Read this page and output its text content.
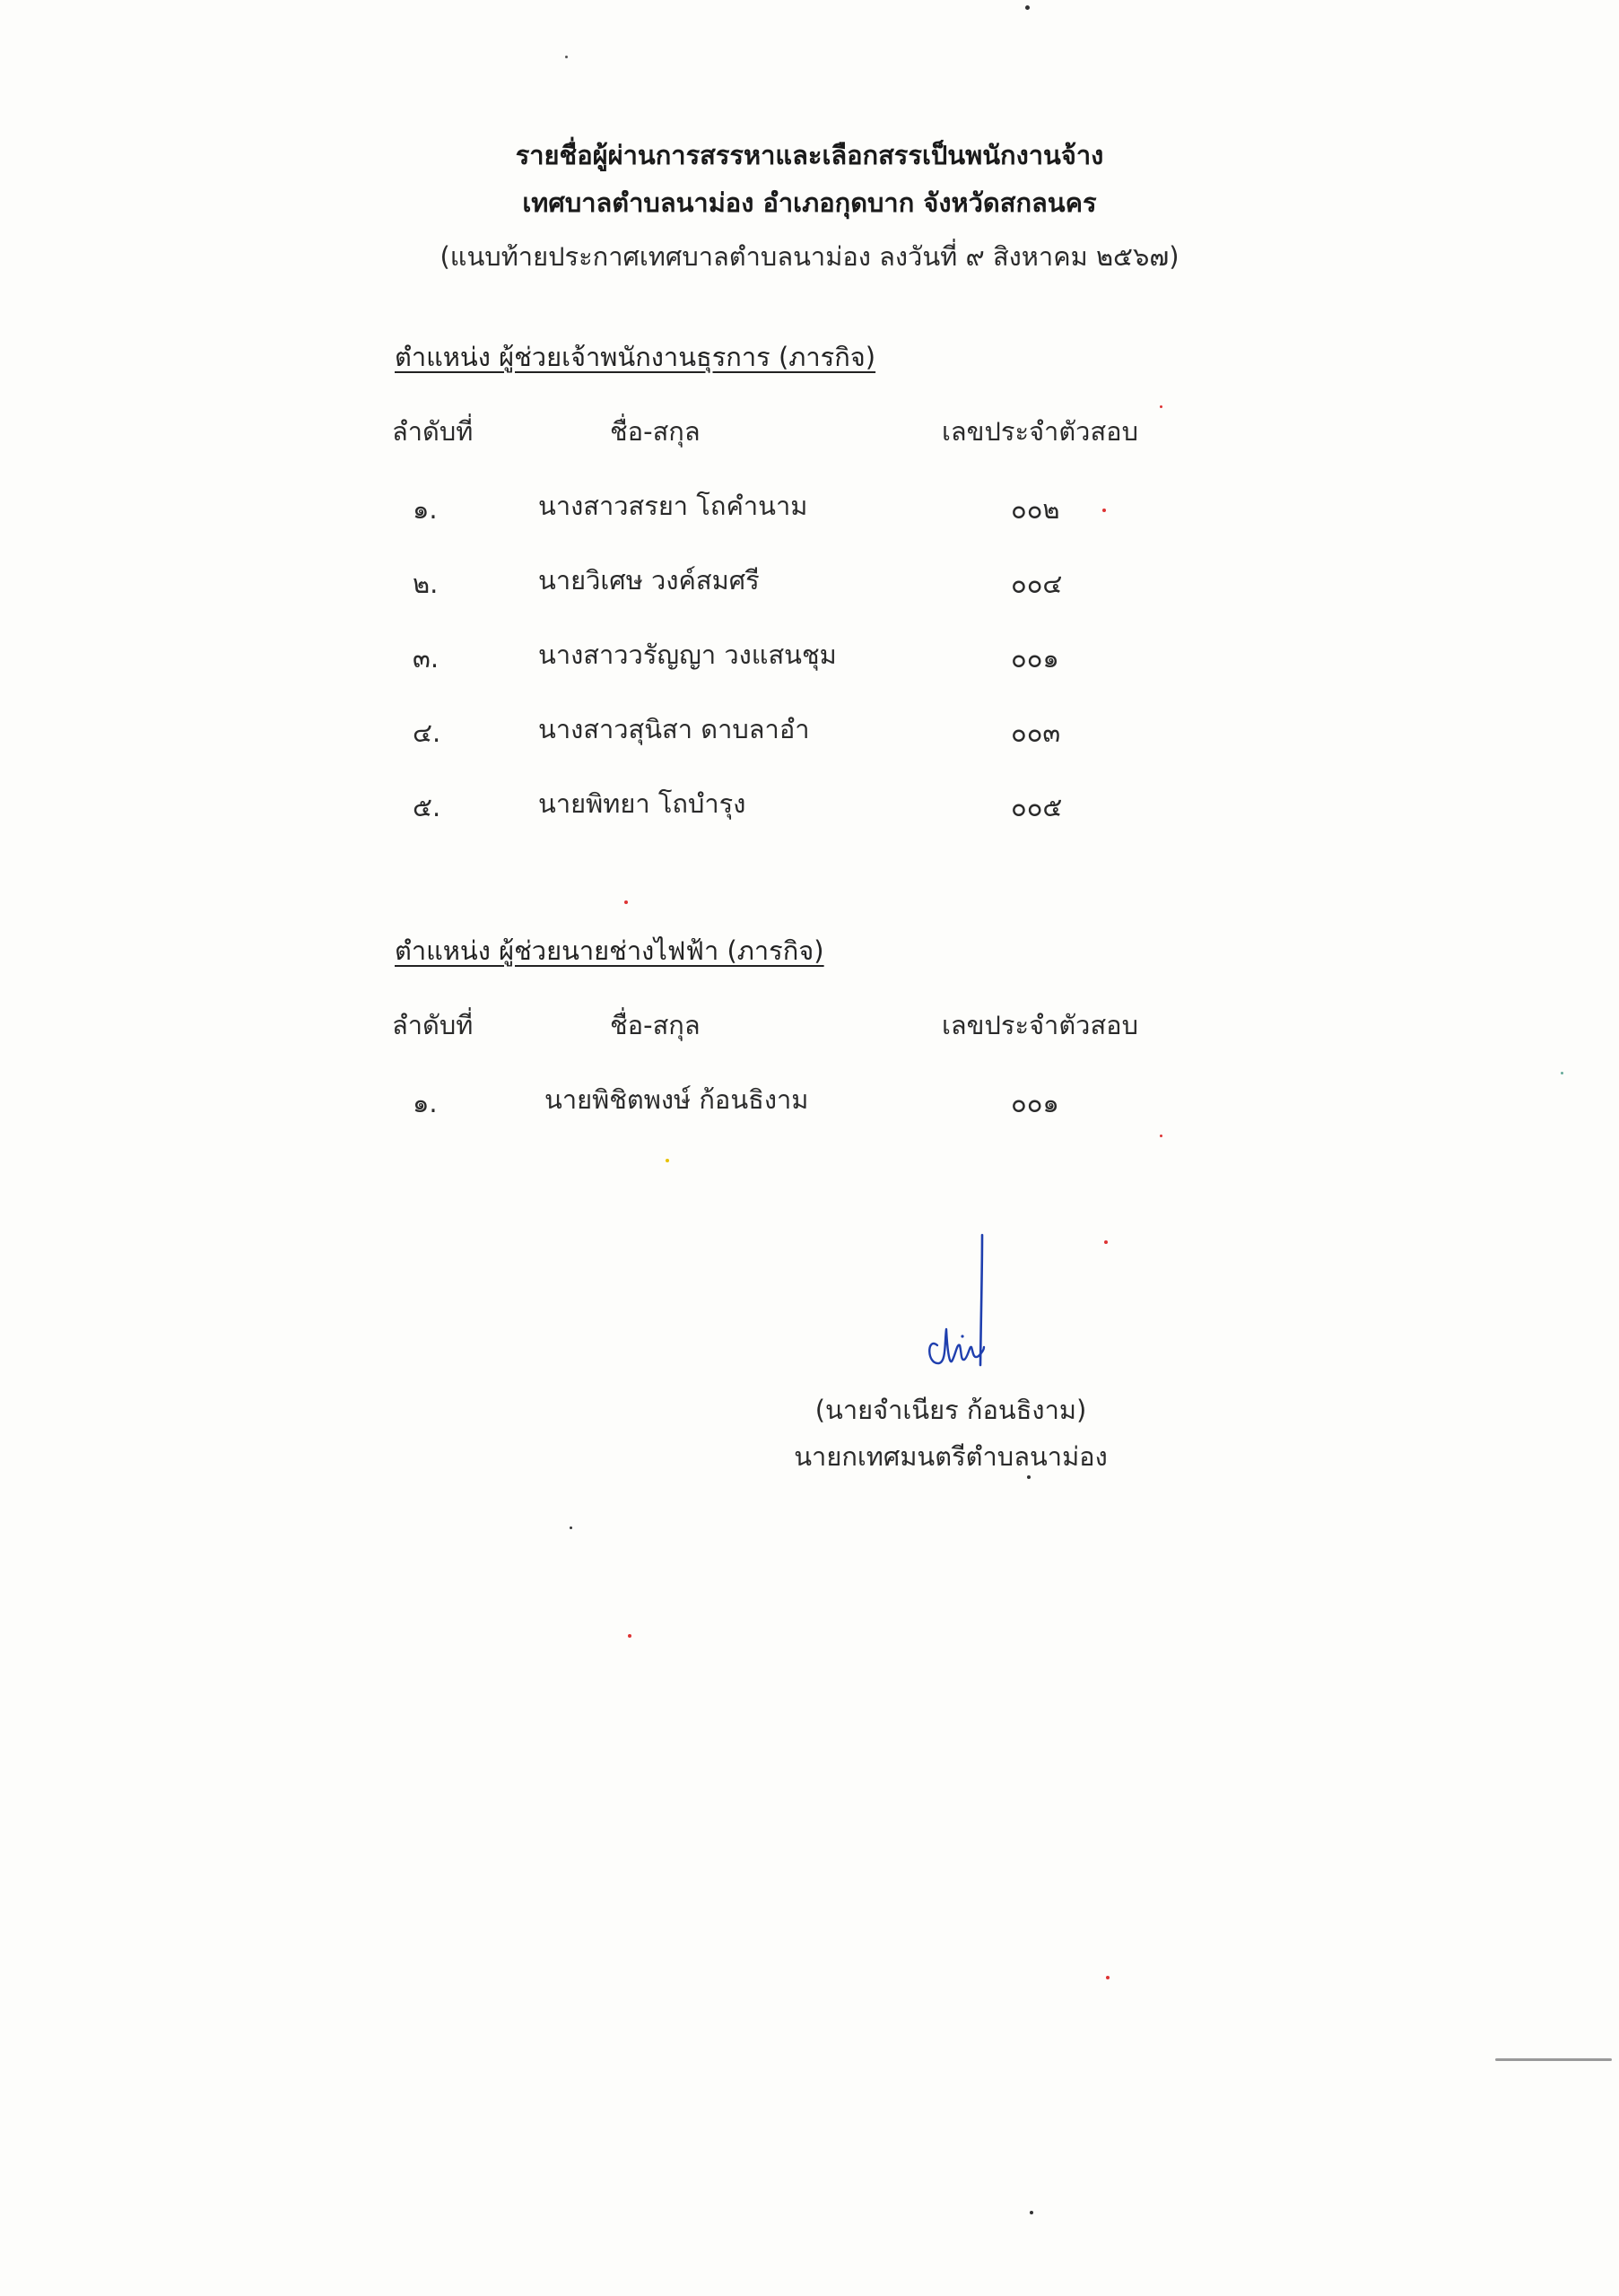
รายชื่อผู้ผ่านการสรรหาและเลือกสรรเป็นพนักงานจ้าง
เทศบาลตำบลนาม่อง อำเภอกุดบาก จังหวัดสกลนคร
(แนบท้ายประกาศเทศบาลตำบลนาม่อง ลงวันที่ ๙ สิงหาคม ๒๕๖๗)
ตำแหน่ง ผู้ช่วยเจ้าพนักงานธุรการ (ภารกิจ)
ลำดับที่	ชื่อ-สกุล	เลขประจำตัวสอบ
๑.	นางสาวสรยา โถคำนาม	๐๐๒
๒.	นายวิเศษ วงค์สมศรี	๐๐๔
๓.	นางสาววรัญญา วงแสนชุม	๐๐๑
๔.	นางสาวสุนิสา ดาบลาอำ	๐๐๓
๕.	นายพิทยา โถบำรุง	๐๐๕
ตำแหน่ง ผู้ช่วยนายช่างไฟฟ้า (ภารกิจ)
ลำดับที่	ชื่อ-สกุล	เลขประจำตัวสอบ
๑.	นายพิชิตพงษ์ ก้อนธิงาม	๐๐๑
(นายจำเนียร ก้อนธิงาม)
นายกเทศมนตรีตำบลนาม่อง
